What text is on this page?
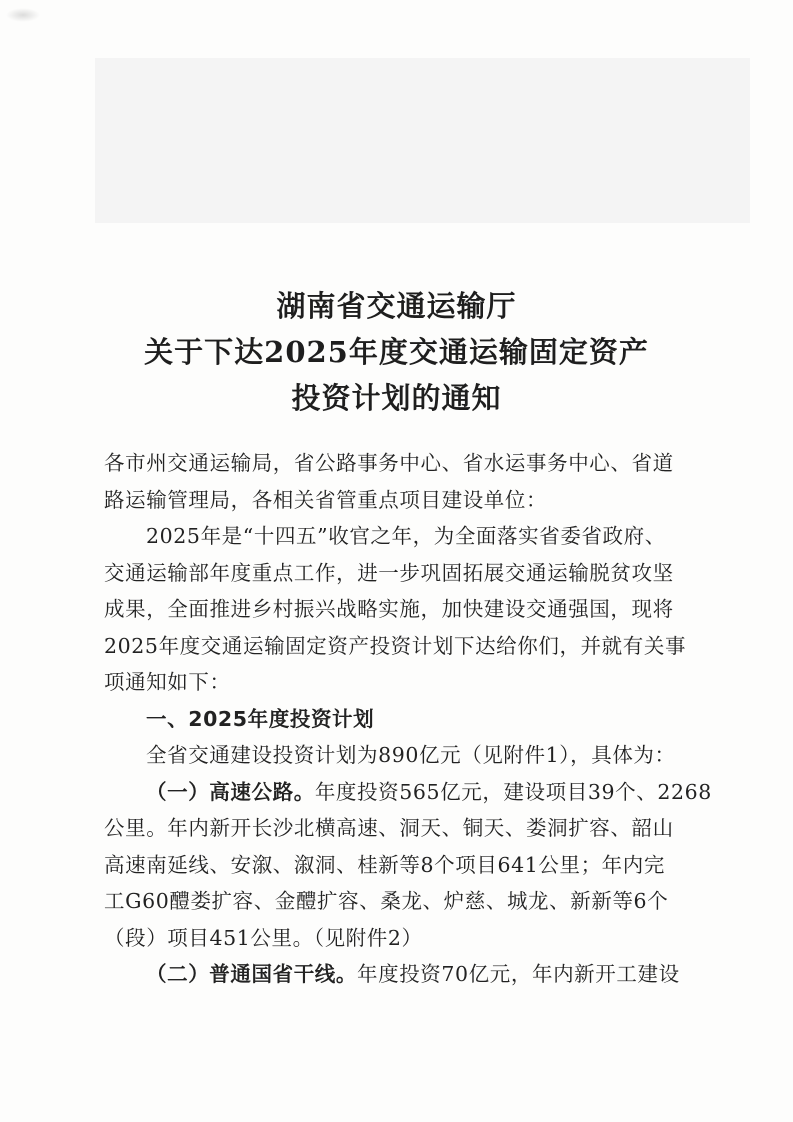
湖南省交通运输厅
关于下达2025年度交通运输固定资产
投资计划的通知
各市州交通运输局，省公路事务中心、省水运事务中心、省道
路运输管理局，各相关省管重点项目建设单位：
2025年是“十四五”收官之年，为全面落实省委省政府、
交通运输部年度重点工作，进一步巩固拓展交通运输脱贫攻坚
成果，全面推进乡村振兴战略实施，加快建设交通强国，现将
2025年度交通运输固定资产投资计划下达给你们，并就有关事
项通知如下：
一、2025年度投资计划
全省交通建设投资计划为890亿元（见附件1），具体为：
（一）高速公路。年度投资565亿元，建设项目39个、2268
公里。年内新开长沙北横高速、洞天、铜天、娄洞扩容、韶山
高速南延线、安溆、溆洞、桂新等8个项目641公里；年内完
工G60醴娄扩容、金醴扩容、桑龙、炉慈、城龙、新新等6个
（段）项目451公里。（见附件2）
（二）普通国省干线。年度投资70亿元，年内新开工建设
